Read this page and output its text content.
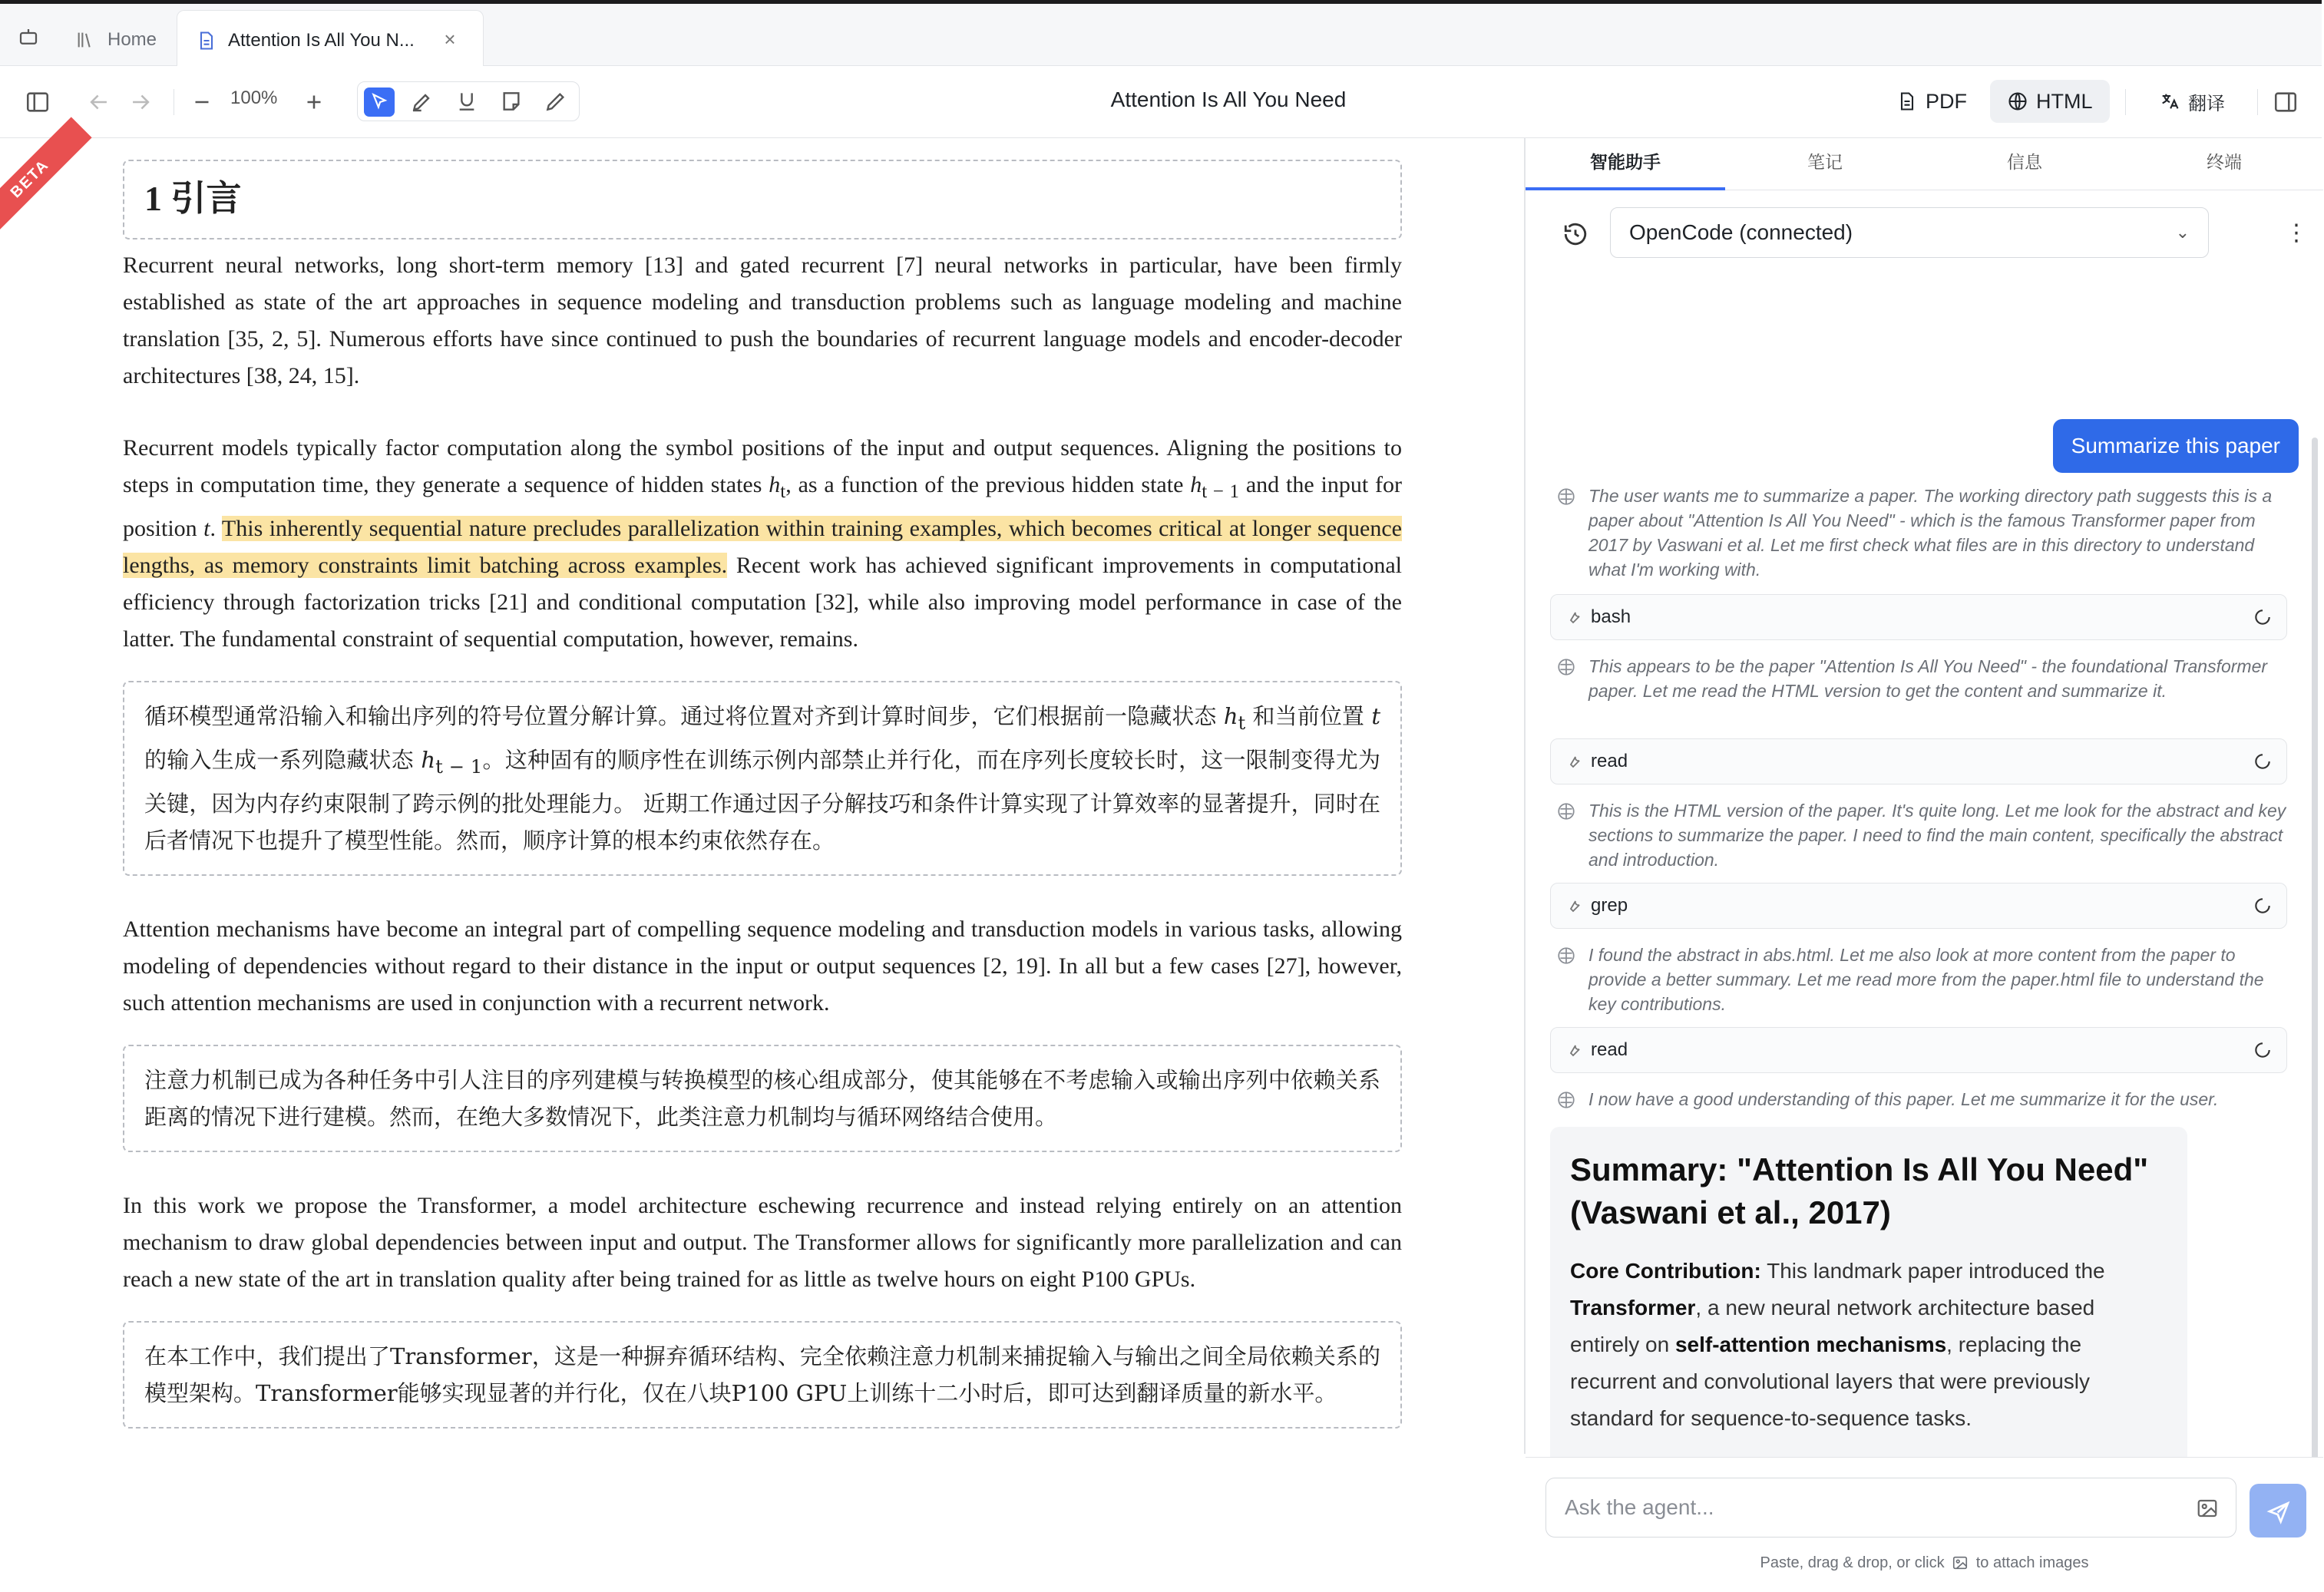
Home	Attention Is All You N... ×
100%	Attention Is All You Need	PDF	HTML	翻译
BETA	1 引言

Recurrent neural networks, long short-term memory [13] and gated recurrent [7] neural networks in particular, have been firmly established as state of the art approaches in sequence modeling and transduction problems such as language modeling and machine translation [35, 2, 5]. Numerous efforts have since continued to push the boundaries of recurrent language models and encoder-decoder architectures [38, 24, 15].

Recurrent models typically factor computation along the symbol positions of the input and output sequences. Aligning the positions to steps in computation time, they generate a sequence of hidden states $h_t$, as a function of the previous hidden state $h_{t - 1}$ and the input for position t. This inherently sequential nature precludes parallelization within training examples, which becomes critical at longer sequence lengths, as memory constraints limit batching across examples. Recent work has achieved significant improvements in computational efficiency through factorization tricks [21] and conditional computation [32], while also improving model performance in case of the latter. The fundamental constraint of sequential computation, however, remains.

循环模型通常沿输入和输出序列的符号位置分解计算。通过将位置对齐到计算时间步，它们根据前一隐藏状态 $h_t$ 和当前位置 t 的输入生成一系列隐藏状态 $h_{t - 1}$。这种固有的顺序性在训练示例内部禁止并行化，而在序列长度较长时，这一限制变得尤为关键，因为内存约束限制了跨示例的批处理能力。 近期工作通过因子分解技巧和条件计算实现了计算效率的显著提升，同时在后者情况下也提升了模型性能。然而，顺序计算的根本约束依然存在。

Attention mechanisms have become an integral part of compelling sequence modeling and transduction models in various tasks, allowing modeling of dependencies without regard to their distance in the input or output sequences [2, 19]. In all but a few cases [27], however, such attention mechanisms are used in conjunction with a recurrent network.

注意力机制已成为各种任务中引人注目的序列建模与转换模型的核心组成部分，使其能够在不考虑输入或输出序列中依赖关系距离的情况下进行建模。然而，在绝大多数情况下，此类注意力机制均与循环网络结合使用。

In this work we propose the Transformer, a model architecture eschewing recurrence and instead relying entirely on an attention mechanism to draw global dependencies between input and output. The Transformer allows for significantly more parallelization and can reach a new state of the art in translation quality after being trained for as little as twelve hours on eight P100 GPUs.

在本工作中，我们提出了Transformer，这是一种摒弃循环结构、完全依赖注意力机制来捕捉输入与输出之间全局依赖关系的模型架构。Transformer能够实现显著的并行化，仅在八块P100 GPU上训练十二小时后，即可达到翻译质量的新水平。
智能助手	笔记	信息	终端
OpenCode (connected)	⌄	⋮
Summarize this paper
The user wants me to summarize a paper. The working directory path suggests this is a paper about "Attention Is All You Need" - which is the famous Transformer paper from 2017 by Vaswani et al. Let me first check what files are in this directory to understand what I'm working with.
bash
This appears to be the paper "Attention Is All You Need" - the foundational Transformer paper. Let me read the HTML version to get the content and summarize it.
read
This is the HTML version of the paper. It's quite long. Let me look for the abstract and key sections to summarize the paper. I need to find the main content, specifically the abstract and introduction.
grep
I found the abstract in abs.html. Let me also look at more content from the paper to provide a better summary. Let me read more from the paper.html file to understand the key contributions.
read
I now have a good understanding of this paper. Let me summarize it for the user.
Summary: "Attention Is All You Need" (Vaswani et al., 2017)

Core Contribution: This landmark paper introduced the Transformer, a new neural network architecture based entirely on self-attention mechanisms, replacing the recurrent and convolutional layers that were previously standard for sequence-to-sequence tasks.

Ask the agent...
Paste, drag & drop, or click to attach images
